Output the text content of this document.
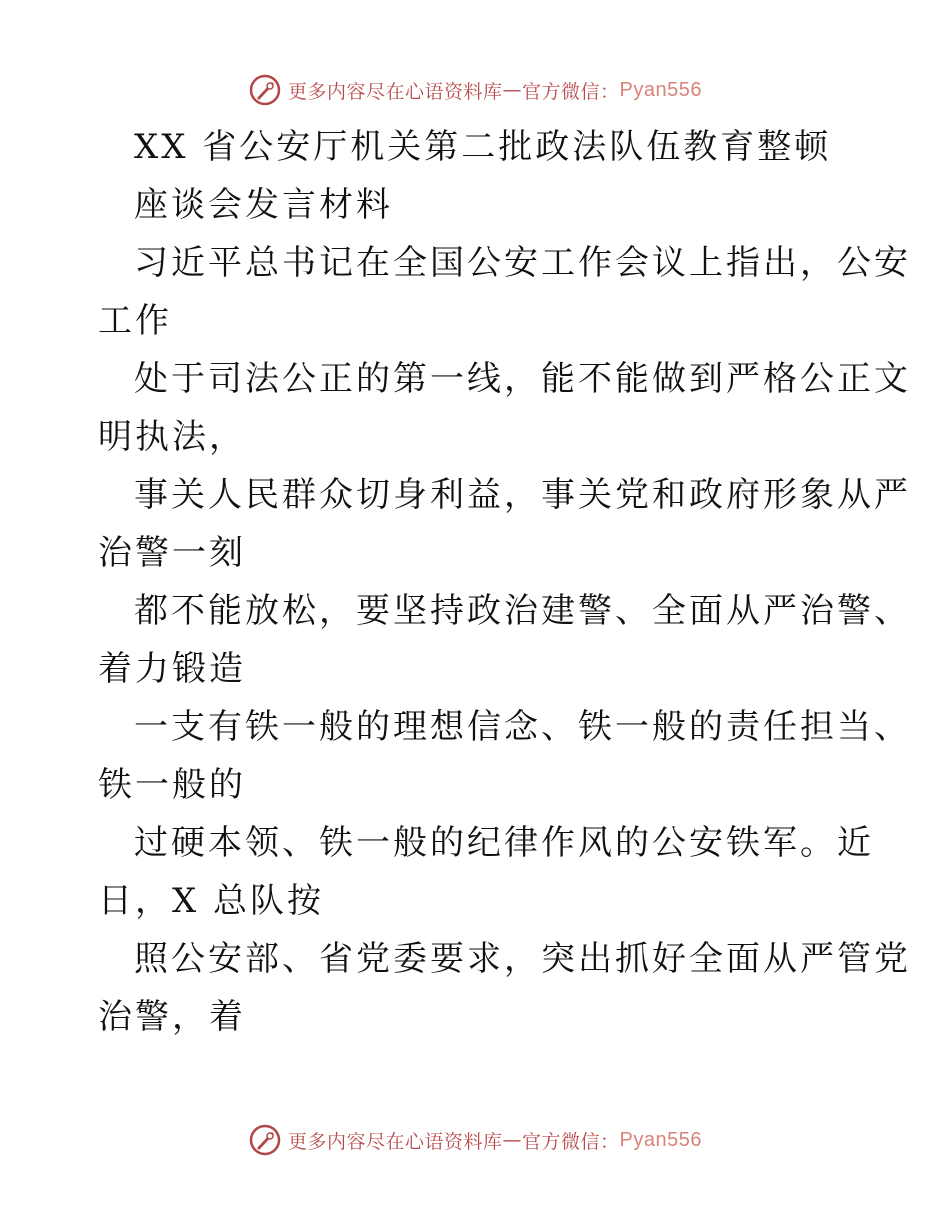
更多内容尽在心语资料库 — 官方微信： Pyan556
XX 省公安厅机关第二批政法队伍教育整顿
座谈会发言材料
习近平总书记在全国公安工作会议上指出，公安
工作
处于司法公正的第一线，能不能做到严格公正文
明执法，
事关人民群众切身利益，事关党和政府形象从严
治警一刻
都不能放松，要坚持政治建警、全面从严治警、
着力锻造
一支有铁一般的理想信念、铁一般的责任担当、
铁一般的
过硬本领、铁一般的纪律作风的公安铁军。近
日，X 总队按
照公安部、省党委要求，突出抓好全面从严管党
治警，着
更多内容尽在心语资料库 — 官方微信： Pyan556
